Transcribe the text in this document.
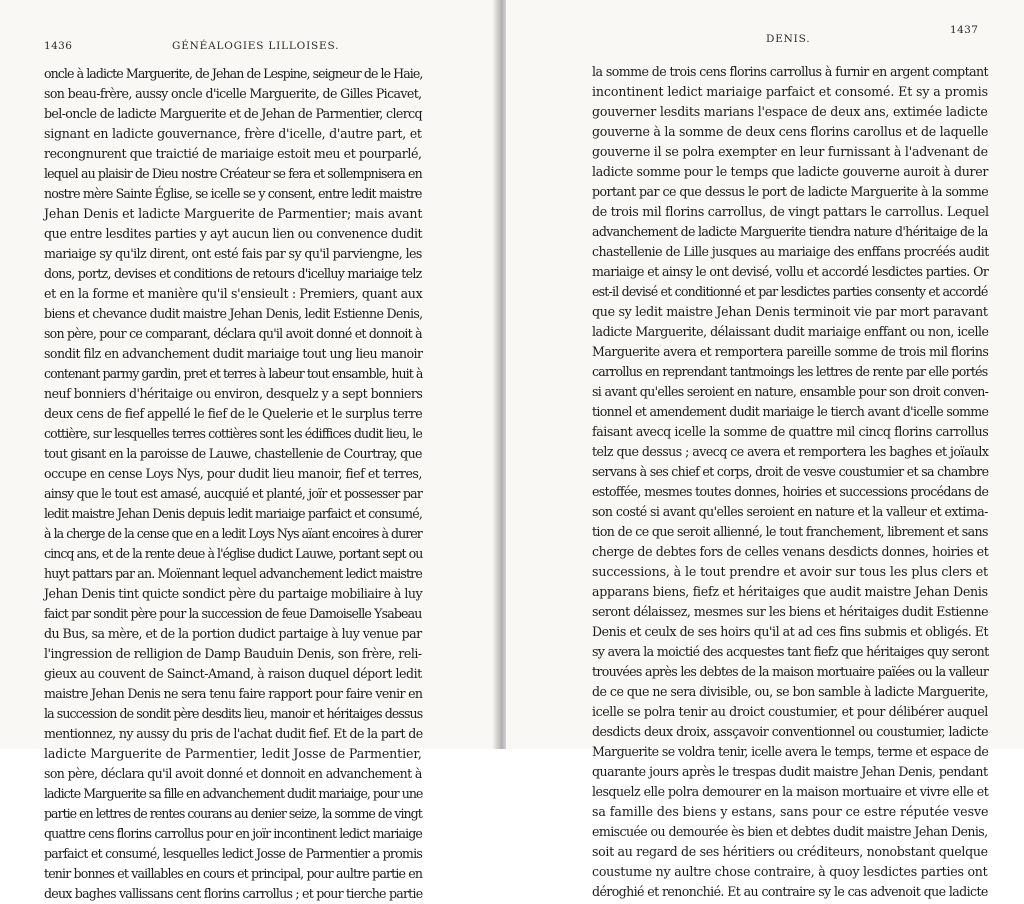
1436	GÉNÉALOGIES LILLOISES.
oncle à ladicte Marguerite, de Jehan de Lespine, seigneur de le Haie,
son beau-frère, aussy oncle d'icelle Marguerite, de Gilles Picavet,
bel-oncle de ladicte Marguerite et de Jehan de Parmentier, clercq
signant en ladicte gouvernance, frère d'icelle, d'autre part, et
recongnurent que traictié de mariaige estoit meu et pourparlé,
lequel au plaisir de Dieu nostre Créateur se fera et sollempnisera en
nostre mère Sainte Église, se icelle se y consent, entre ledit maistre
Jehan Denis et ladicte Marguerite de Parmentier; mais avant
que entre lesdites parties y ayt aucun lien ou convenence dudit
mariaige sy qu'ilz dirent, ont esté fais par sy qu'il parviengne, les
dons, portz, devises et conditions de retours d'icelluy mariaige telz
et en la forme et manière qu'il s'ensieult : Premiers, quant aux
biens et chevance dudit maistre Jehan Denis, ledit Estienne Denis,
son père, pour ce comparant, déclara qu'il avoit donné et donnoit à
sondit filz en advanchement dudit mariaige tout ung lieu manoir
contenant parmy gardin, pret et terres à labeur tout ensamble, huit à
neuf bonniers d'héritaige ou environ, desquelz y a sept bonniers
deux cens de fief appellé le fief de le Quelerie et le surplus terre
cottière, sur lesquelles terres cottières sont les édiffices dudit lieu, le
tout gisant en la paroisse de Lauwe, chastellenie de Courtray, que
occupe en cense Loys Nys, pour dudit lieu manoir, fief et terres,
ainsy que le tout est amasé, aucquié et planté, joïr et possesser par
ledit maistre Jehan Denis depuis ledit mariaige parfaict et consumé,
à la cherge de la cense que en a ledit Loys Nys aïant encoires à durer
cincq ans, et de la rente deue à l'église dudict Lauwe, portant sept ou
huyt pattars par an. Moïennant lequel advanchement ledict maistre
Jehan Denis tint quicte sondict père du partaige mobiliaire à luy
faict par sondit père pour la succession de feue Damoiselle Ysabeau
du Bus, sa mère, et de la portion dudict partaige à luy venue par
l'ingression de relligion de Damp Bauduin Denis, son frère, reli-
gieux au couvent de Sainct-Amand, à raison duquel déport ledit
maistre Jehan Denis ne sera tenu faire rapport pour faire venir en
la succession de sondit père desdits lieu, manoir et héritaiges dessus
mentionnez, ny aussy du pris de l'achat dudit fief. Et de la part de
ladicte Marguerite de Parmentier, ledit Josse de Parmentier,
son père, déclara qu'il avoit donné et donnoit en advanchement à
ladicte Marguerite sa fille en advanchement dudit mariaige, pour une
partie en lettres de rentes courans au denier seize, la somme de vingt
quattre cens florins carrollus pour en joïr incontinent ledict mariaige
parfaict et consumé, lesquelles ledict Josse de Parmentier a promis
tenir bonnes et vaillables en cours et principal, pour aultre partie en
deux baghes vallissans cent florins carrollus ; et pour tierche partie
DENIS.
1437
la somme de trois cens florins carrollus à furnir en argent comptant
incontinent ledict mariaige parfaict et consomé. Et sy a promis
gouverner lesdits marians l'espace de deux ans, extimée ladicte
gouverne à la somme de deux cens florins carollus et de laquelle
gouverne il se polra exempter en leur furnissant à l'advenant de
ladicte somme pour le temps que ladicte gouverne auroit à durer
portant par ce que dessus le port de ladicte Marguerite à la somme
de trois mil florins carrollus, de vingt pattars le carrollus. Lequel
advanchement de ladicte Marguerite tiendra nature d'héritaige de la
chastellenie de Lille jusques au mariaige des enffans procréés audit
mariaige et ainsy le ont devisé, vollu et accordé lesdictes parties. Or
est-il devisé et conditionné et par lesdictes parties consenty et accordé
que sy ledit maistre Jehan Denis terminoit vie par mort paravant
ladicte Marguerite, délaissant dudit mariaige enffant ou non, icelle
Marguerite avera et remportera pareille somme de trois mil florins
carrollus en reprendant tantmoings les lettres de rente par elle portés
si avant qu'elles seroient en nature, ensamble pour son droit conven-
tionnel et amendement dudit mariaige le tierch avant d'icelle somme
faisant avecq icelle la somme de quattre mil cincq florins carrollus
telz que dessus ; avecq ce avera et remportera les baghes et joïaulx
servans à ses chief et corps, droit de vesve coustumier et sa chambre
estoffée, mesmes toutes donnes, hoiries et successions procédans de
son costé si avant qu'elles seroient en nature et la valleur et extima-
tion de ce que seroit allienné, le tout franchement, librement et sans
cherge de debtes fors de celles venans desdicts donnes, hoiries et
successions, à le tout prendre et avoir sur tous les plus clers et
apparans biens, fiefz et héritaiges que audit maistre Jehan Denis
seront délaissez, mesmes sur les biens et héritaiges dudit Estienne
Denis et ceulx de ses hoirs qu'il at ad ces fins submis et obligés. Et
sy avera la moictié des acquestes tant fiefz que héritaiges quy seront
trouvées après les debtes de la maison mortuaire païées ou la valleur
de ce que ne sera divisible, ou, se bon samble à ladicte Marguerite,
icelle se polra tenir au droict coustumier, et pour délibérer auquel
desdicts deux droix, assçavoir conventionnel ou coustumier, ladicte
Marguerite se voldra tenir, icelle avera le temps, terme et espace de
quarante jours après le trespas dudit maistre Jehan Denis, pendant
lesquelz elle polra demourer en la maison mortuaire et vivre elle et
sa famille des biens y estans, sans pour ce estre réputée vesve
emiscuée ou demourée ès bien et debtes dudit maistre Jehan Denis,
soit au regard de ses héritiers ou créditeurs, nonobstant quelque
coustume ny aultre chose contraire, à quoy lesdictes parties ont
déroghié et renonchié. Et au contraire sy le cas advenoit que ladicte
